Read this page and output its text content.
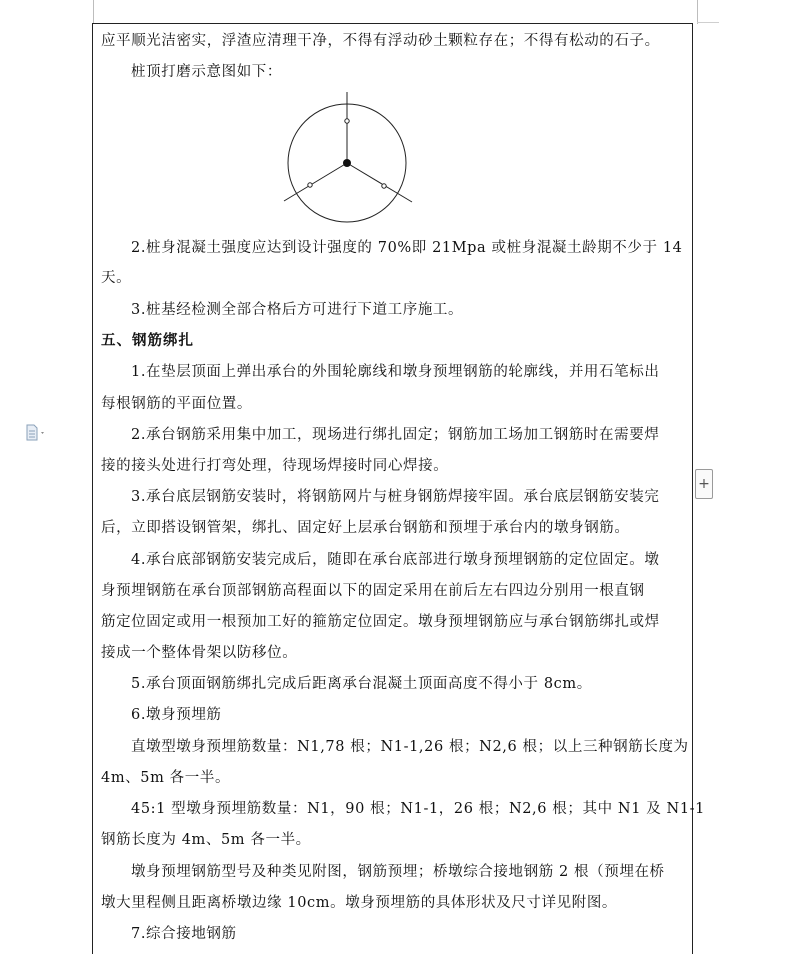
+
应平顺光洁密实，浮渣应清理干净，不得有浮动砂土颗粒存在；不得有松动的石子。
桩顶打磨示意图如下：
2.桩身混凝土强度应达到设计强度的 70%即 21Mpa 或桩身混凝土龄期不少于 14
天。
3.桩基经检测全部合格后方可进行下道工序施工。
五、钢筋绑扎
1.在垫层顶面上弹出承台的外围轮廓线和墩身预埋钢筋的轮廓线，并用石笔标出
每根钢筋的平面位置。
2.承台钢筋采用集中加工，现场进行绑扎固定；钢筋加工场加工钢筋时在需要焊
接的接头处进行打弯处理，待现场焊接时同心焊接。
3.承台底层钢筋安装时，将钢筋网片与桩身钢筋焊接牢固。承台底层钢筋安装完
后，立即搭设钢管架，绑扎、固定好上层承台钢筋和预埋于承台内的墩身钢筋。
4.承台底部钢筋安装完成后，随即在承台底部进行墩身预埋钢筋的定位固定。墩
身预埋钢筋在承台顶部钢筋高程面以下的固定采用在前后左右四边分别用一根直钢
筋定位固定或用一根预加工好的箍筋定位固定。墩身预埋钢筋应与承台钢筋绑扎或焊
接成一个整体骨架以防移位。
5.承台顶面钢筋绑扎完成后距离承台混凝土顶面高度不得小于 8cm。
6.墩身预埋筋
直墩型墩身预埋筋数量：N1,78 根；N1-1,26 根；N2,6 根；以上三种钢筋长度为
4m、5m 各一半。
45:1 型墩身预埋筋数量：N1，90 根；N1-1，26 根；N2,6 根；其中 N1 及 N1-1
钢筋长度为 4m、5m 各一半。
墩身预埋钢筋型号及种类见附图，钢筋预埋；桥墩综合接地钢筋 2 根（预埋在桥
墩大里程侧且距离桥墩边缘 10cm。墩身预埋筋的具体形状及尺寸详见附图。
7.综合接地钢筋
